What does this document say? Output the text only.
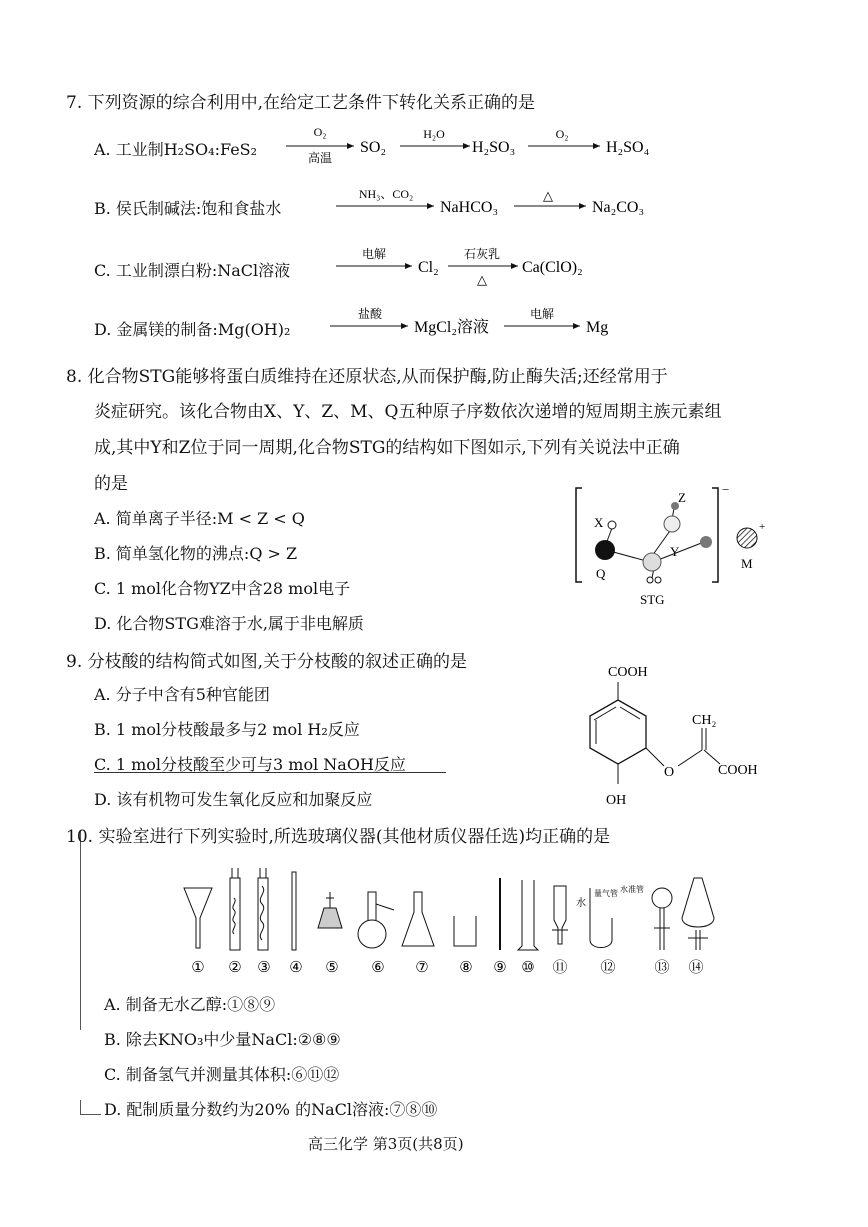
7. 下列资源的综合利用中,在给定工艺条件下转化关系正确的是
A. 工业制H₂SO₄:FeS₂
O₂
高温
SO₂
H₂O
H₂SO₃
O₂
H₂SO₄
B. 侯氏制碱法:饱和食盐水
NH₃、CO₂
NaHCO₃
△
Na₂CO₃
C. 工业制漂白粉:NaCl溶液
电解
Cl₂
石灰乳
△
Ca(ClO)₂
D. 金属镁的制备:Mg(OH)₂
盐酸
MgCl₂溶液
电解
Mg
8. 化合物STG能够将蛋白质维持在还原状态,从而保护酶,防止酶失活;还经常用于
炎症研究。该化合物由X、Y、Z、M、Q五种原子序数依次递增的短周期主族元素组
成,其中Y和Z位于同一周期,化合物STG的结构如下图如示,下列有关说法中正确
的是
A. 简单离子半径:M < Z < Q
B. 简单氢化物的沸点:Q > Z
C. 1 mol化合物YZ中含28 mol电子
D. 化合物STG难溶于水,属于非电解质
−
X
Q
Z
Y
STG
+
M
9. 分枝酸的结构简式如图,关于分枝酸的叙述正确的是
A. 分子中含有5种官能团
B. 1 mol分枝酸最多与2 mol H₂反应
C. 1 mol分枝酸至少可与3 mol NaOH反应
D. 该有机物可发生氧化反应和加聚反应
COOH
OH
O
CH₂
COOH
10. 实验室进行下列实验时,所选玻璃仪器(其他材质仪器任选)均正确的是
水
量气管 水准管
① ② ③ ④ ⑤ ⑥ ⑦ ⑧ ⑨ ⑩ ⑪ ⑫	⑬ ⑭
A. 制备无水乙醇:①⑧⑨
B. 除去KNO₃中少量NaCl:②⑧⑨
C. 制备氢气并测量其体积:⑥⑪⑫
D. 配制质量分数约为20% 的NaCl溶液:⑦⑧⑩
高三化学 第3页(共8页)
